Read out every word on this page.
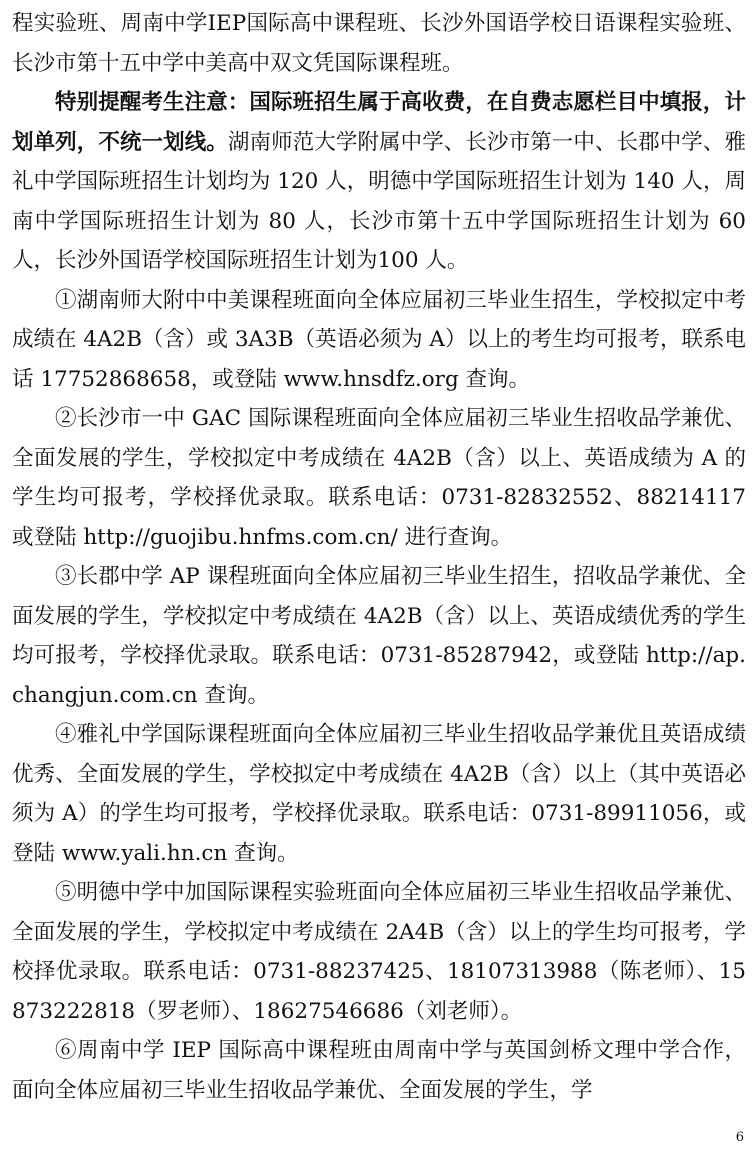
程实验班、周南中学IEP国际高中课程班、长沙外国语学校日语课程实验班、长沙市第十五中学中美高中双文凭国际课程班。

特别提醒考生注意：国际班招生属于高收费，在自费志愿栏目中填报，计划单列，不统一划线。湖南师范大学附属中学、长沙市第一中、长郡中学、雅礼中学国际班招生计划均为 120 人，明德中学国际班招生计划为 140 人，周南中学国际班招生计划为 80 人，长沙市第十五中学国际班招生计划为 60 人，长沙外国语学校国际班招生计划为100 人。

①湖南师大附中中美课程班面向全体应届初三毕业生招生，学校拟定中考成绩在 4A2B（含）或 3A3B（英语必须为 A）以上的考生均可报考，联系电话 17752868658，或登陆 www.hnsdfz.org 查询。

②长沙市一中 GAC 国际课程班面向全体应届初三毕业生招收品学兼优、全面发展的学生，学校拟定中考成绩在 4A2B（含）以上、英语成绩为 A 的学生均可报考，学校择优录取。联系电话：0731-82832552、88214117 或登陆 http://guojibu.hnfms.com.cn/ 进行查询。

③长郡中学 AP 课程班面向全体应届初三毕业生招生，招收品学兼优、全面发展的学生，学校拟定中考成绩在 4A2B（含）以上、英语成绩优秀的学生均可报考，学校择优录取。联系电话：0731-85287942，或登陆 http://ap.changjun.com.cn 查询。

④雅礼中学国际课程班面向全体应届初三毕业生招收品学兼优且英语成绩优秀、全面发展的学生，学校拟定中考成绩在 4A2B（含）以上（其中英语必须为 A）的学生均可报考，学校择优录取。联系电话：0731-89911056，或登陆 www.yali.hn.cn 查询。

⑤明德中学中加国际课程实验班面向全体应届初三毕业生招收品学兼优、全面发展的学生，学校拟定中考成绩在 2A4B（含）以上的学生均可报考，学校择优录取。联系电话：0731-88237425、18107313988（陈老师）、15873222818（罗老师）、18627546686（刘老师）。

⑥周南中学 IEP 国际高中课程班由周南中学与英国剑桥文理中学合作，面向全体应届初三毕业生招收品学兼优、全面发展的学生，学

6
